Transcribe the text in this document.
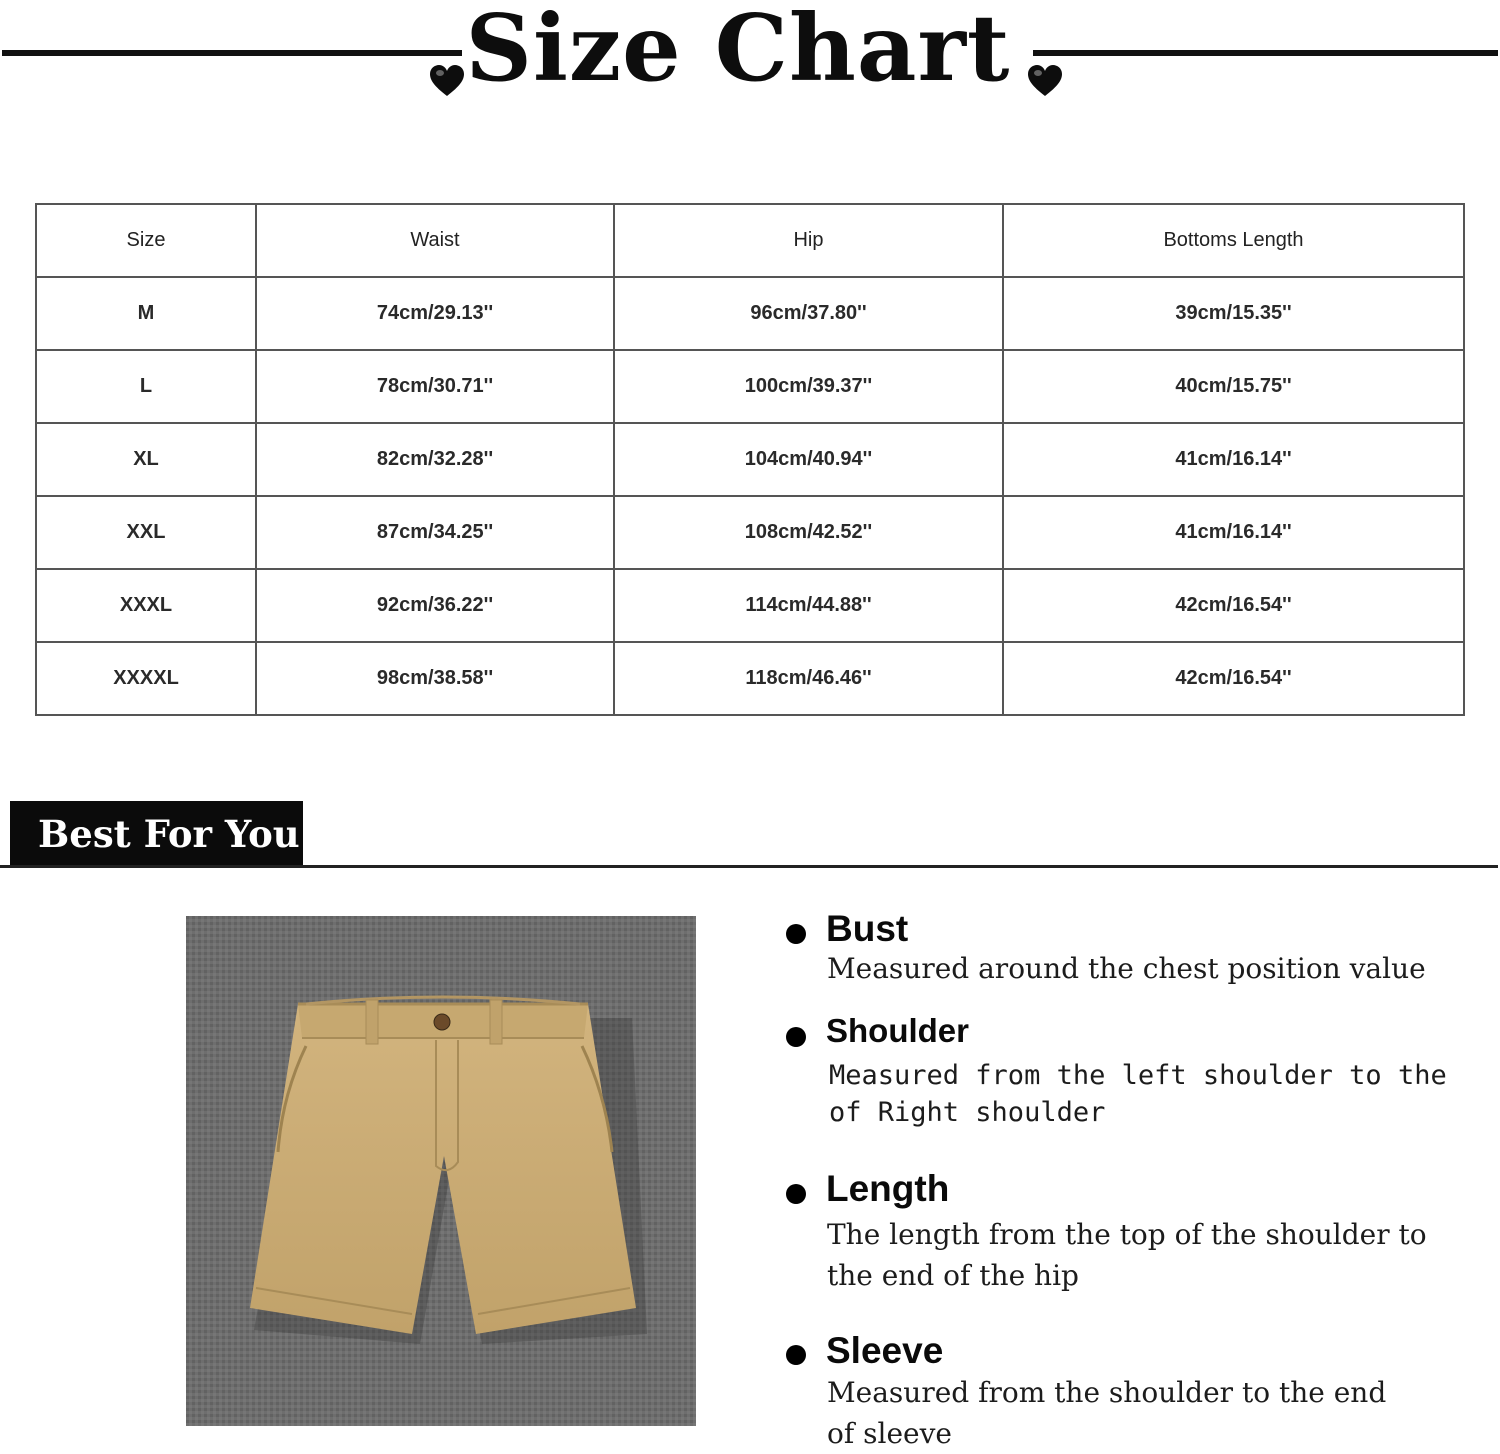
Size Chart
Size	Waist	Hip	Bottoms Length
M	74cm/29.13''	96cm/37.80''	39cm/15.35''
L	78cm/30.71''	100cm/39.37''	40cm/15.75''
XL	82cm/32.28''	104cm/40.94''	41cm/16.14''
XXL	87cm/34.25''	108cm/42.52''	41cm/16.14''
XXXL	92cm/36.22''	114cm/44.88''	42cm/16.54''
XXXXL	98cm/38.58''	118cm/46.46''	42cm/16.54''
Best For You
Bust
Measured around the chest position value
Shoulder
Measured from the left shoulder to the
of Right shoulder
Length
The length from the top of the shoulder to
the end of the hip
Sleeve
Measured from the shoulder to the end
of sleeve
